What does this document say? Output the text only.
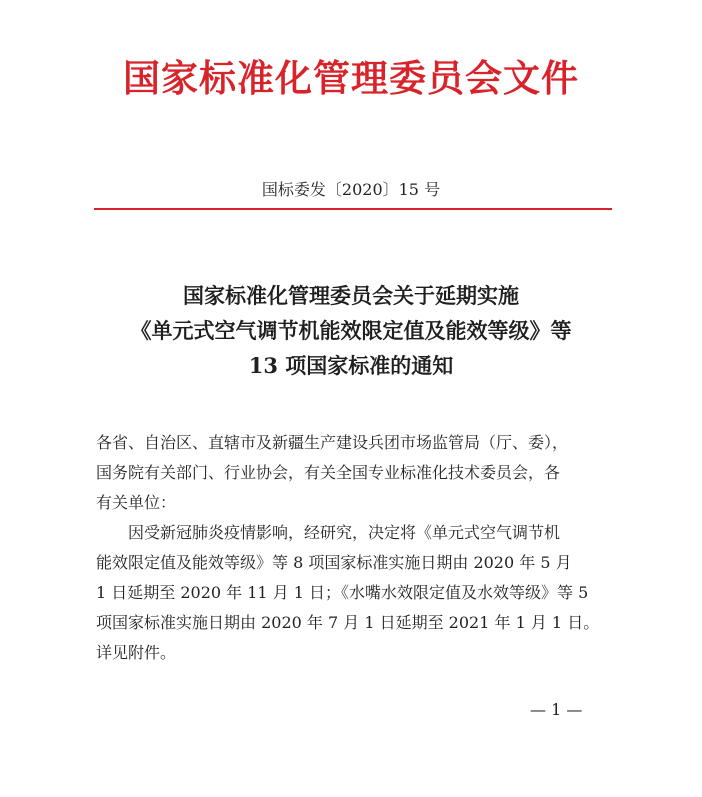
国家标准化管理委员会文件
国标委发〔2020〕15 号
国家标准化管理委员会关于延期实施
《单元式空气调节机能效限定值及能效等级》等
13 项国家标准的通知
各省、自治区、直辖市及新疆生产建设兵团市场监管局（厅、委），
国务院有关部门、行业协会，有关全国专业标准化技术委员会，各
有关单位：
因受新冠肺炎疫情影响，经研究，决定将《单元式空气调节机
能效限定值及能效等级》等 8 项国家标准实施日期由 2020 年 5 月
1 日延期至 2020 年 11 月 1 日；《水嘴水效限定值及水效等级》等 5
项国家标准实施日期由 2020 年 7 月 1 日延期至 2021 年 1 月 1 日。
详见附件。
— 1 —
